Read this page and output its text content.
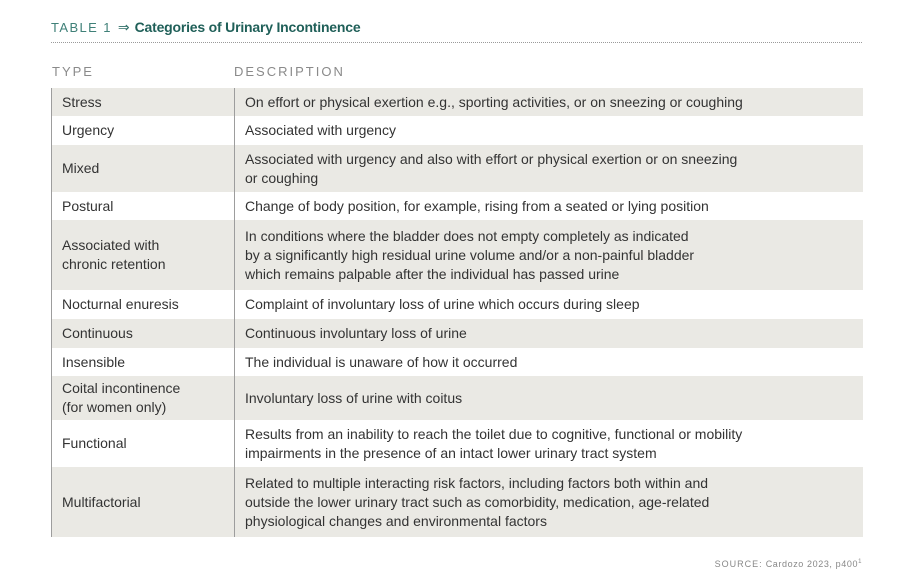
TABLE 1 ⇒ Categories of Urinary Incontinence
TYPE	DESCRIPTION
Stress	On effort or physical exertion e.g., sporting activities, or on sneezing or coughing
Urgency	Associated with urgency
Mixed	Associated with urgency and also with effort or physical exertion or on sneezing
or coughing
Postural	Change of body position, for example, rising from a seated or lying position
Associated with
chronic retention	In conditions where the bladder does not empty completely as indicated
by a significantly high residual urine volume and/or a non-painful bladder
which remains palpable after the individual has passed urine
Nocturnal enuresis	Complaint of involuntary loss of urine which occurs during sleep
Continuous	Continuous involuntary loss of urine
Insensible	The individual is unaware of how it occurred
Coital incontinence
(for women only)	Involuntary loss of urine with coitus
Functional	Results from an inability to reach the toilet due to cognitive, functional or mobility
impairments in the presence of an intact lower urinary tract system
Multifactorial	Related to multiple interacting risk factors, including factors both within and
outside the lower urinary tract such as comorbidity, medication, age-related
physiological changes and environmental factors
SOURCE: Cardozo 2023, $p400^1$
